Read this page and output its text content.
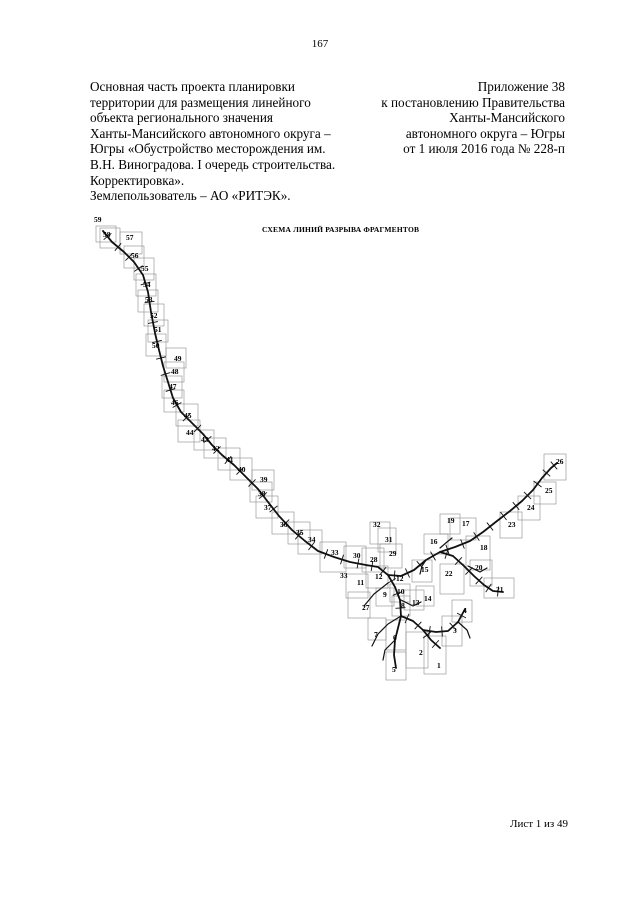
167
Основная часть проекта планировки
территории для размещения линейного
объекта регионального значения
Ханты-Мансийского автономного округа –
Югры «Обустройство месторождения им.
В.Н. Виноградова. I очередь строительства.
Корректировка».
Землепользователь – АО «РИТЭК».
Приложение 38
к постановлению Правительства
Ханты-Мансийского
автономного округа – Югры
от 1 июля 2016 года № 228-п
СХЕМА ЛИНИЙ РАЗРЫВА ФРАГМЕНТОВ
1
2
3
4
5
6
7
8
9 10
11
12
13 14
15
16
17
18
19
20
21
22
23
24
25
26
27
28
29
30
31
32
33
34
35
36
37
38
39
40
41
42
43
44
45
46
47
48
49
50
51
52
53
54
55
56
57
58
59
33	12
Лист 1 из 49
